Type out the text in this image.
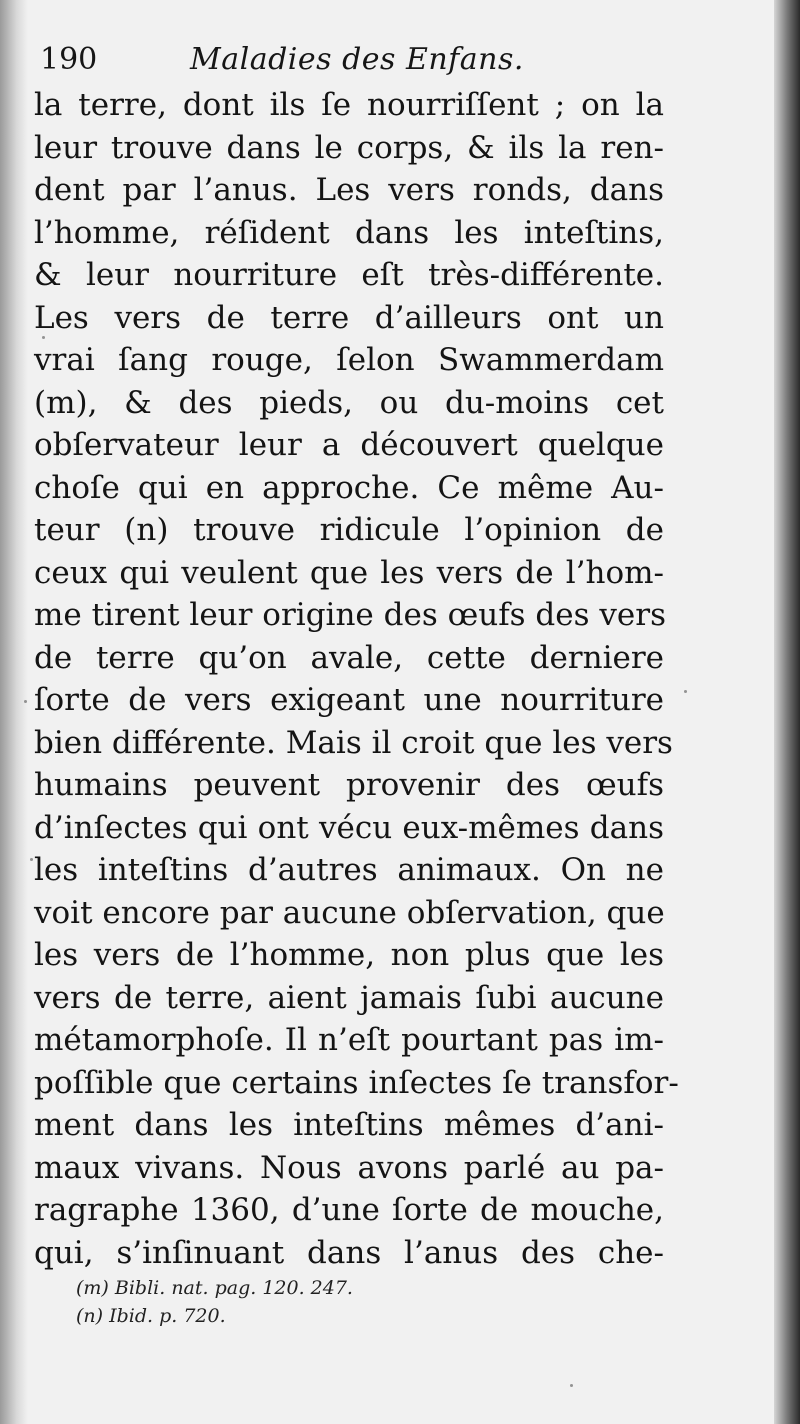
190	Maladies des Enfans.
la terre, dont ils ſe nourriſſent ; on la
leur trouve dans le corps, & ils la ren-
dent par l’anus. Les vers ronds, dans
l’homme, réſident dans les inteſtins,
& leur nourriture eſt très-différente.
Les vers de terre d’ailleurs ont un
vrai ſang rouge, ſelon Swammerdam
(m), & des pieds, ou du-moins cet
obſervateur leur a découvert quelque
choſe qui en approche. Ce même Au-
teur (n) trouve ridicule l’opinion de
ceux qui veulent que les vers de l’hom-
me tirent leur origine des œufs des vers
de terre qu’on avale, cette derniere
ſorte de vers exigeant une nourriture
bien différente. Mais il croit que les vers
humains peuvent provenir des œufs
d’inſectes qui ont vécu eux-mêmes dans
les inteſtins d’autres animaux. On ne
voit encore par aucune obſervation, que
les vers de l’homme, non plus que les
vers de terre, aient jamais ſubi aucune
métamorphoſe. Il n’eſt pourtant pas im-
poſſible que certains inſectes ſe transfor-
ment dans les inteſtins mêmes d’ani-
maux vivans. Nous avons parlé au pa-
ragraphe 1360, d’une ſorte de mouche,
qui, s’inſinuant dans l’anus des che-
(m) Bibli. nat. pag. 120. 247.
(n) Ibid. p. 720.
